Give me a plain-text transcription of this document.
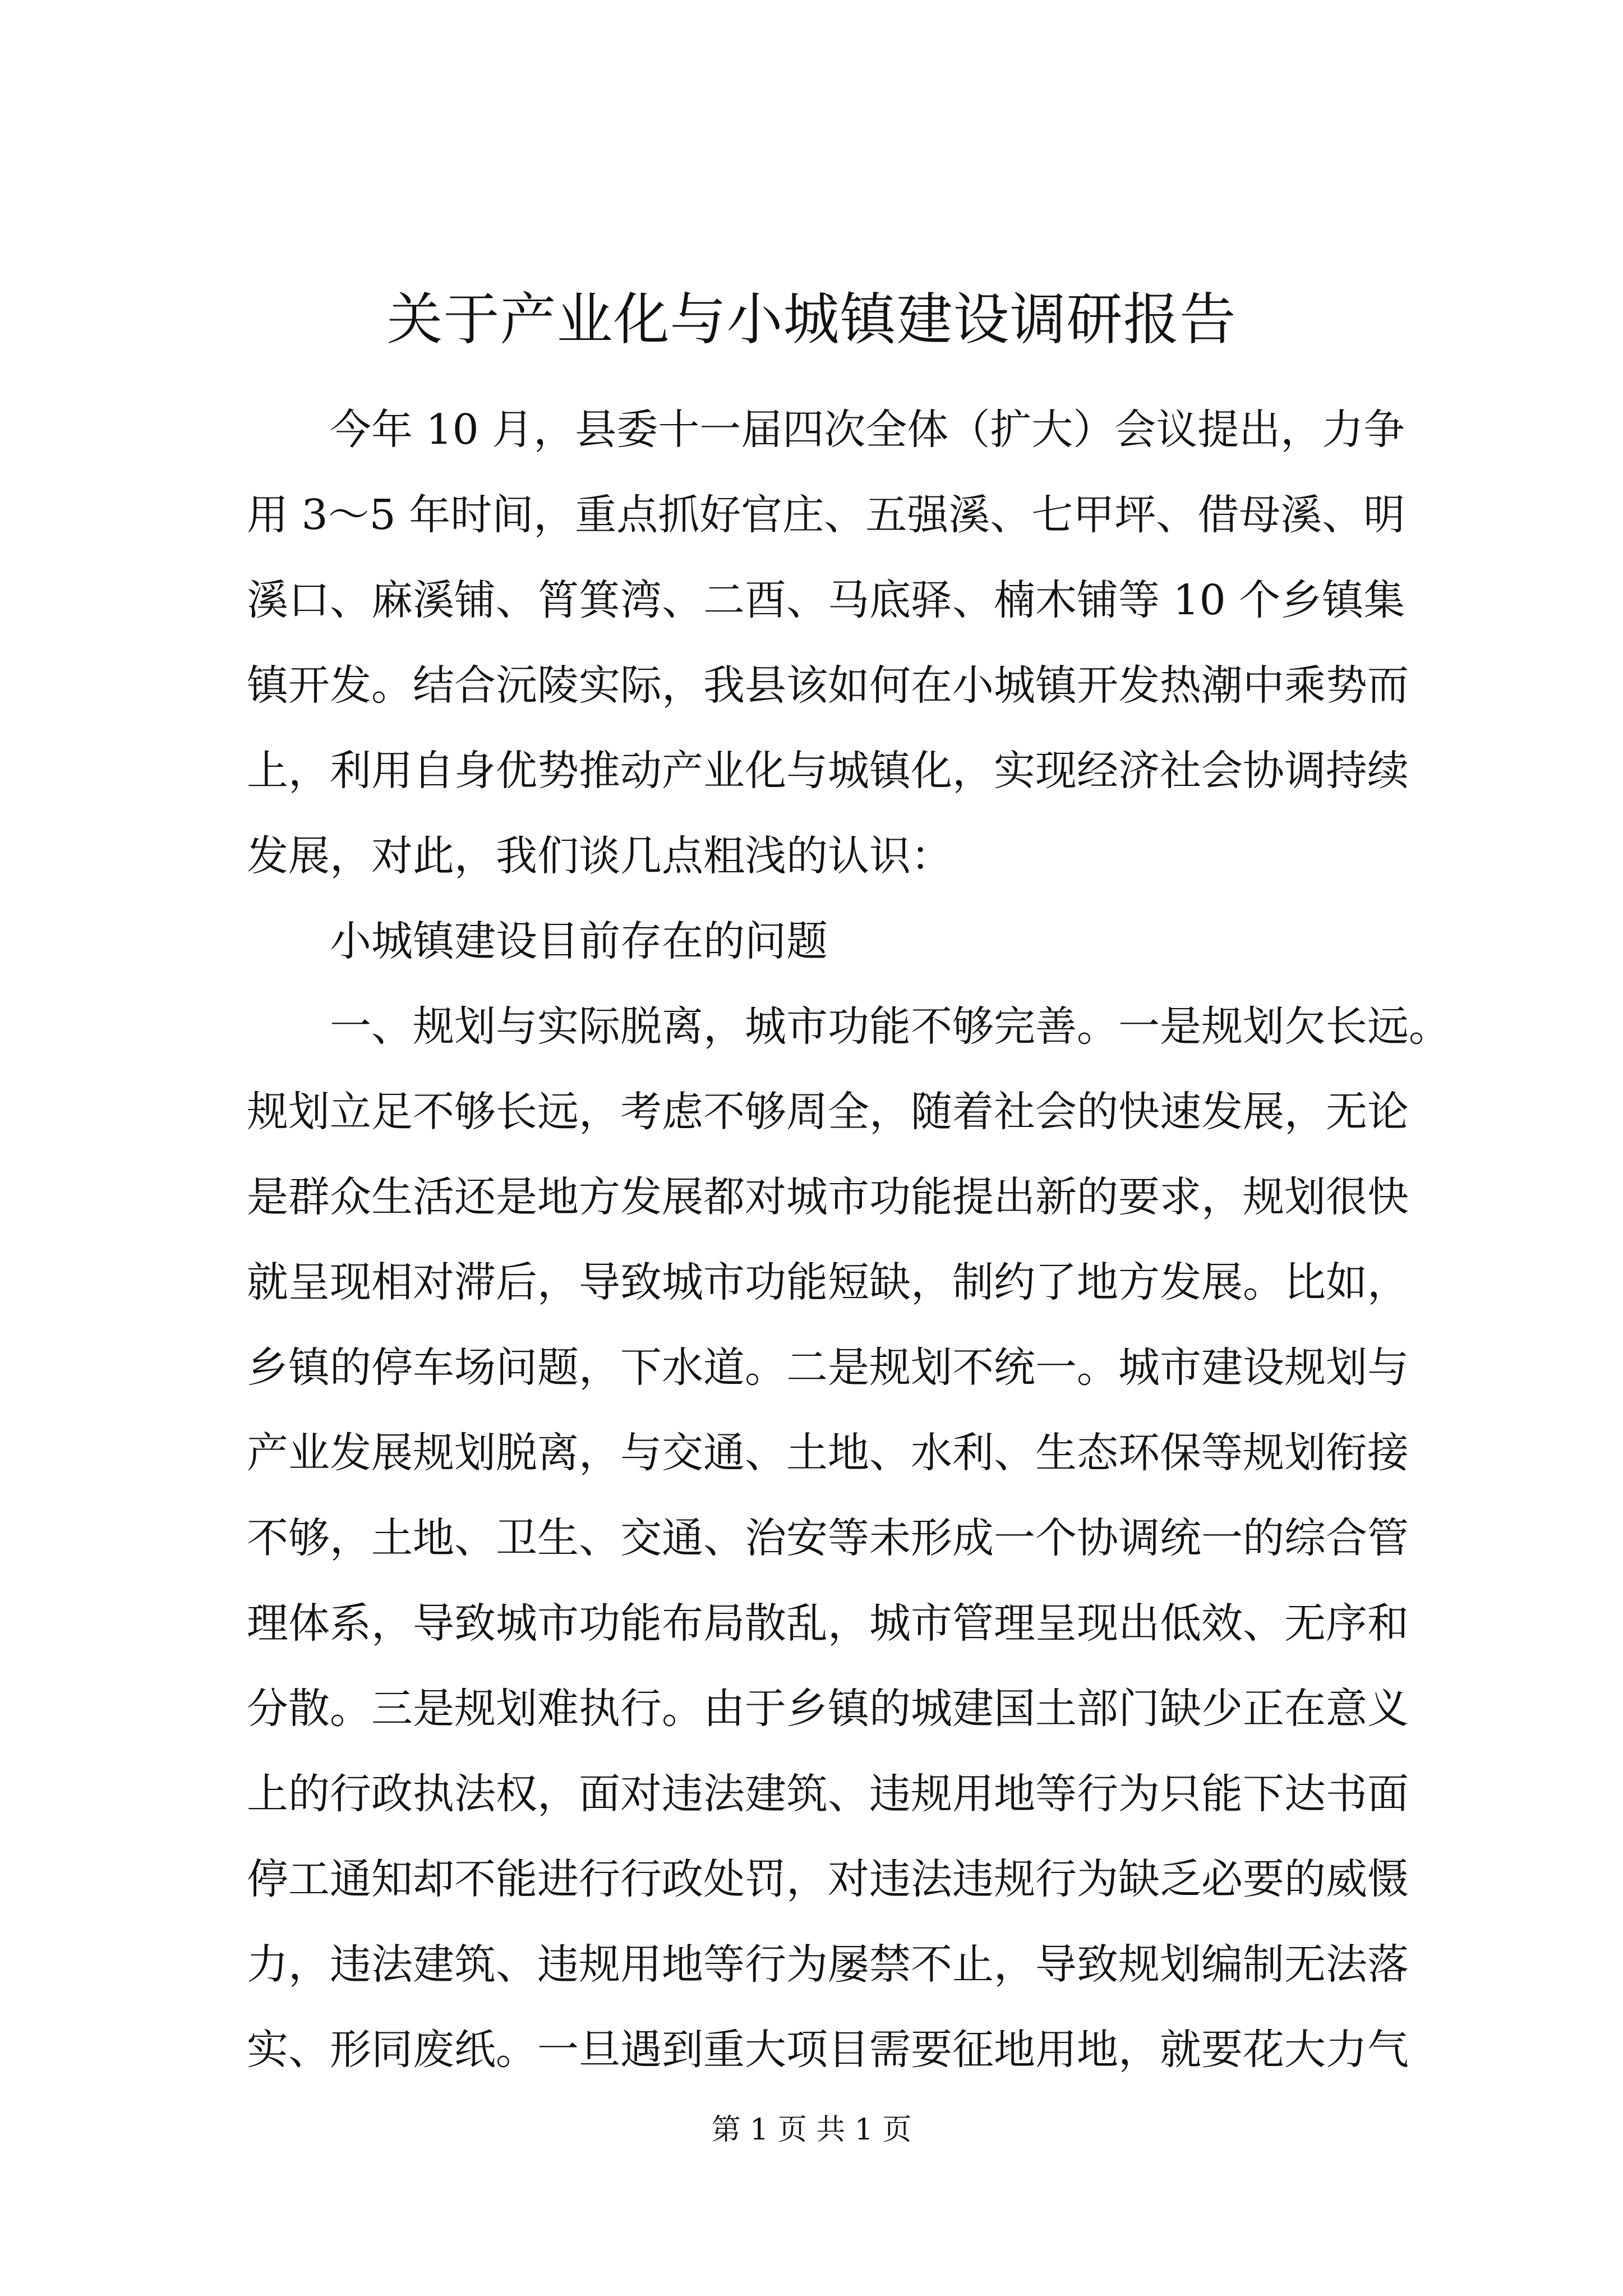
关于产业化与小城镇建设调研报告
今年 10 月，县委十一届四次全体（扩大）会议提出，力争
用 3～5 年时间，重点抓好官庄、五强溪、七甲坪、借母溪、明
溪口、麻溪铺、筲箕湾、二酉、马底驿、楠木铺等 10 个乡镇集
镇开发。结合沅陵实际，我县该如何在小城镇开发热潮中乘势而
上，利用自身优势推动产业化与城镇化，实现经济社会协调持续
发展，对此，我们谈几点粗浅的认识：
小城镇建设目前存在的问题
一、规划与实际脱离，城市功能不够完善。一是规划欠长远。
规划立足不够长远，考虑不够周全，随着社会的快速发展，无论
是群众生活还是地方发展都对城市功能提出新的要求，规划很快
就呈现相对滞后，导致城市功能短缺，制约了地方发展。比如，
乡镇的停车场问题，下水道。二是规划不统一。城市建设规划与
产业发展规划脱离，与交通、土地、水利、生态环保等规划衔接
不够，土地、卫生、交通、治安等未形成一个协调统一的综合管
理体系，导致城市功能布局散乱，城市管理呈现出低效、无序和
分散。三是规划难执行。由于乡镇的城建国土部门缺少正在意义
上的行政执法权，面对违法建筑、违规用地等行为只能下达书面
停工通知却不能进行行政处罚，对违法违规行为缺乏必要的威慑
力，违法建筑、违规用地等行为屡禁不止，导致规划编制无法落
实、形同废纸。一旦遇到重大项目需要征地用地，就要花大力气
第 1 页 共 1 页
